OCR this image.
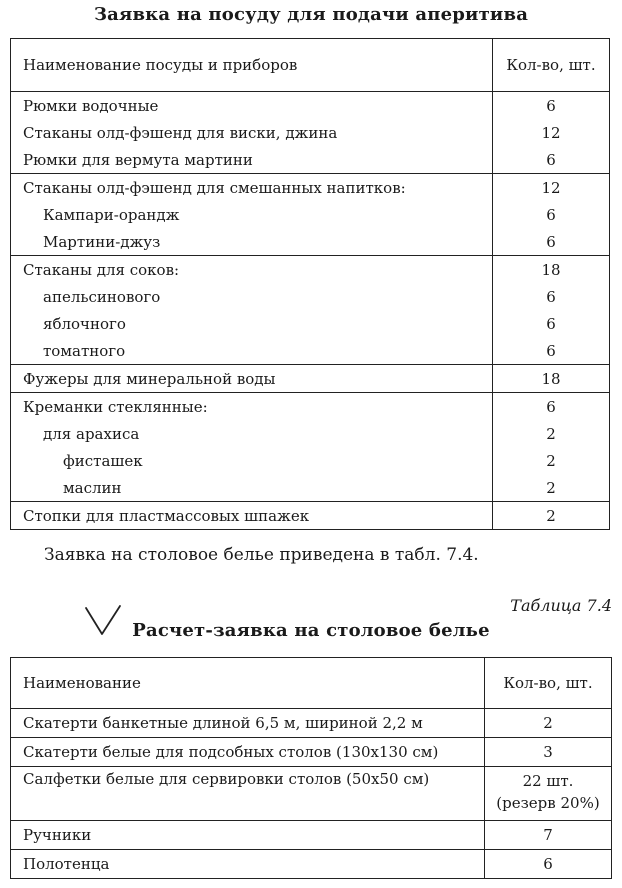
Заявка на посуду для подачи аперитива
Наименование посуды и приборов	Кол-во, шт.
Рюмки водочные	6
Стаканы олд-фэшенд для виски, джина	12
Рюмки для вермута мартини	6
Стаканы олд-фэшенд для смешанных напитков:	12
Кампари-орандж	6
Мартини-джуз	6
Стаканы для соков:	18
апельсинового	6
яблочного	6
томатного	6
Фужеры для минеральной воды	18
Креманки стеклянные:	6
для арахиса	2
фисташек	2
маслин	2
Стопки для пластмассовых шпажек	2
Заявка на столовое белье приведена в табл. 7.4.
Таблица 7.4
Расчет-заявка на столовое белье
Наименование	Кол-во, шт.
Скатерти банкетные длиной 6,5 м, шириной 2,2 м	2

Скатерти белые для подсобных столов (130x130 см)	3

Салфетки белые для сервировки столов (50x50 см)	22 шт.
(резерв 20%)

Ручники	7

Полотенца	6
